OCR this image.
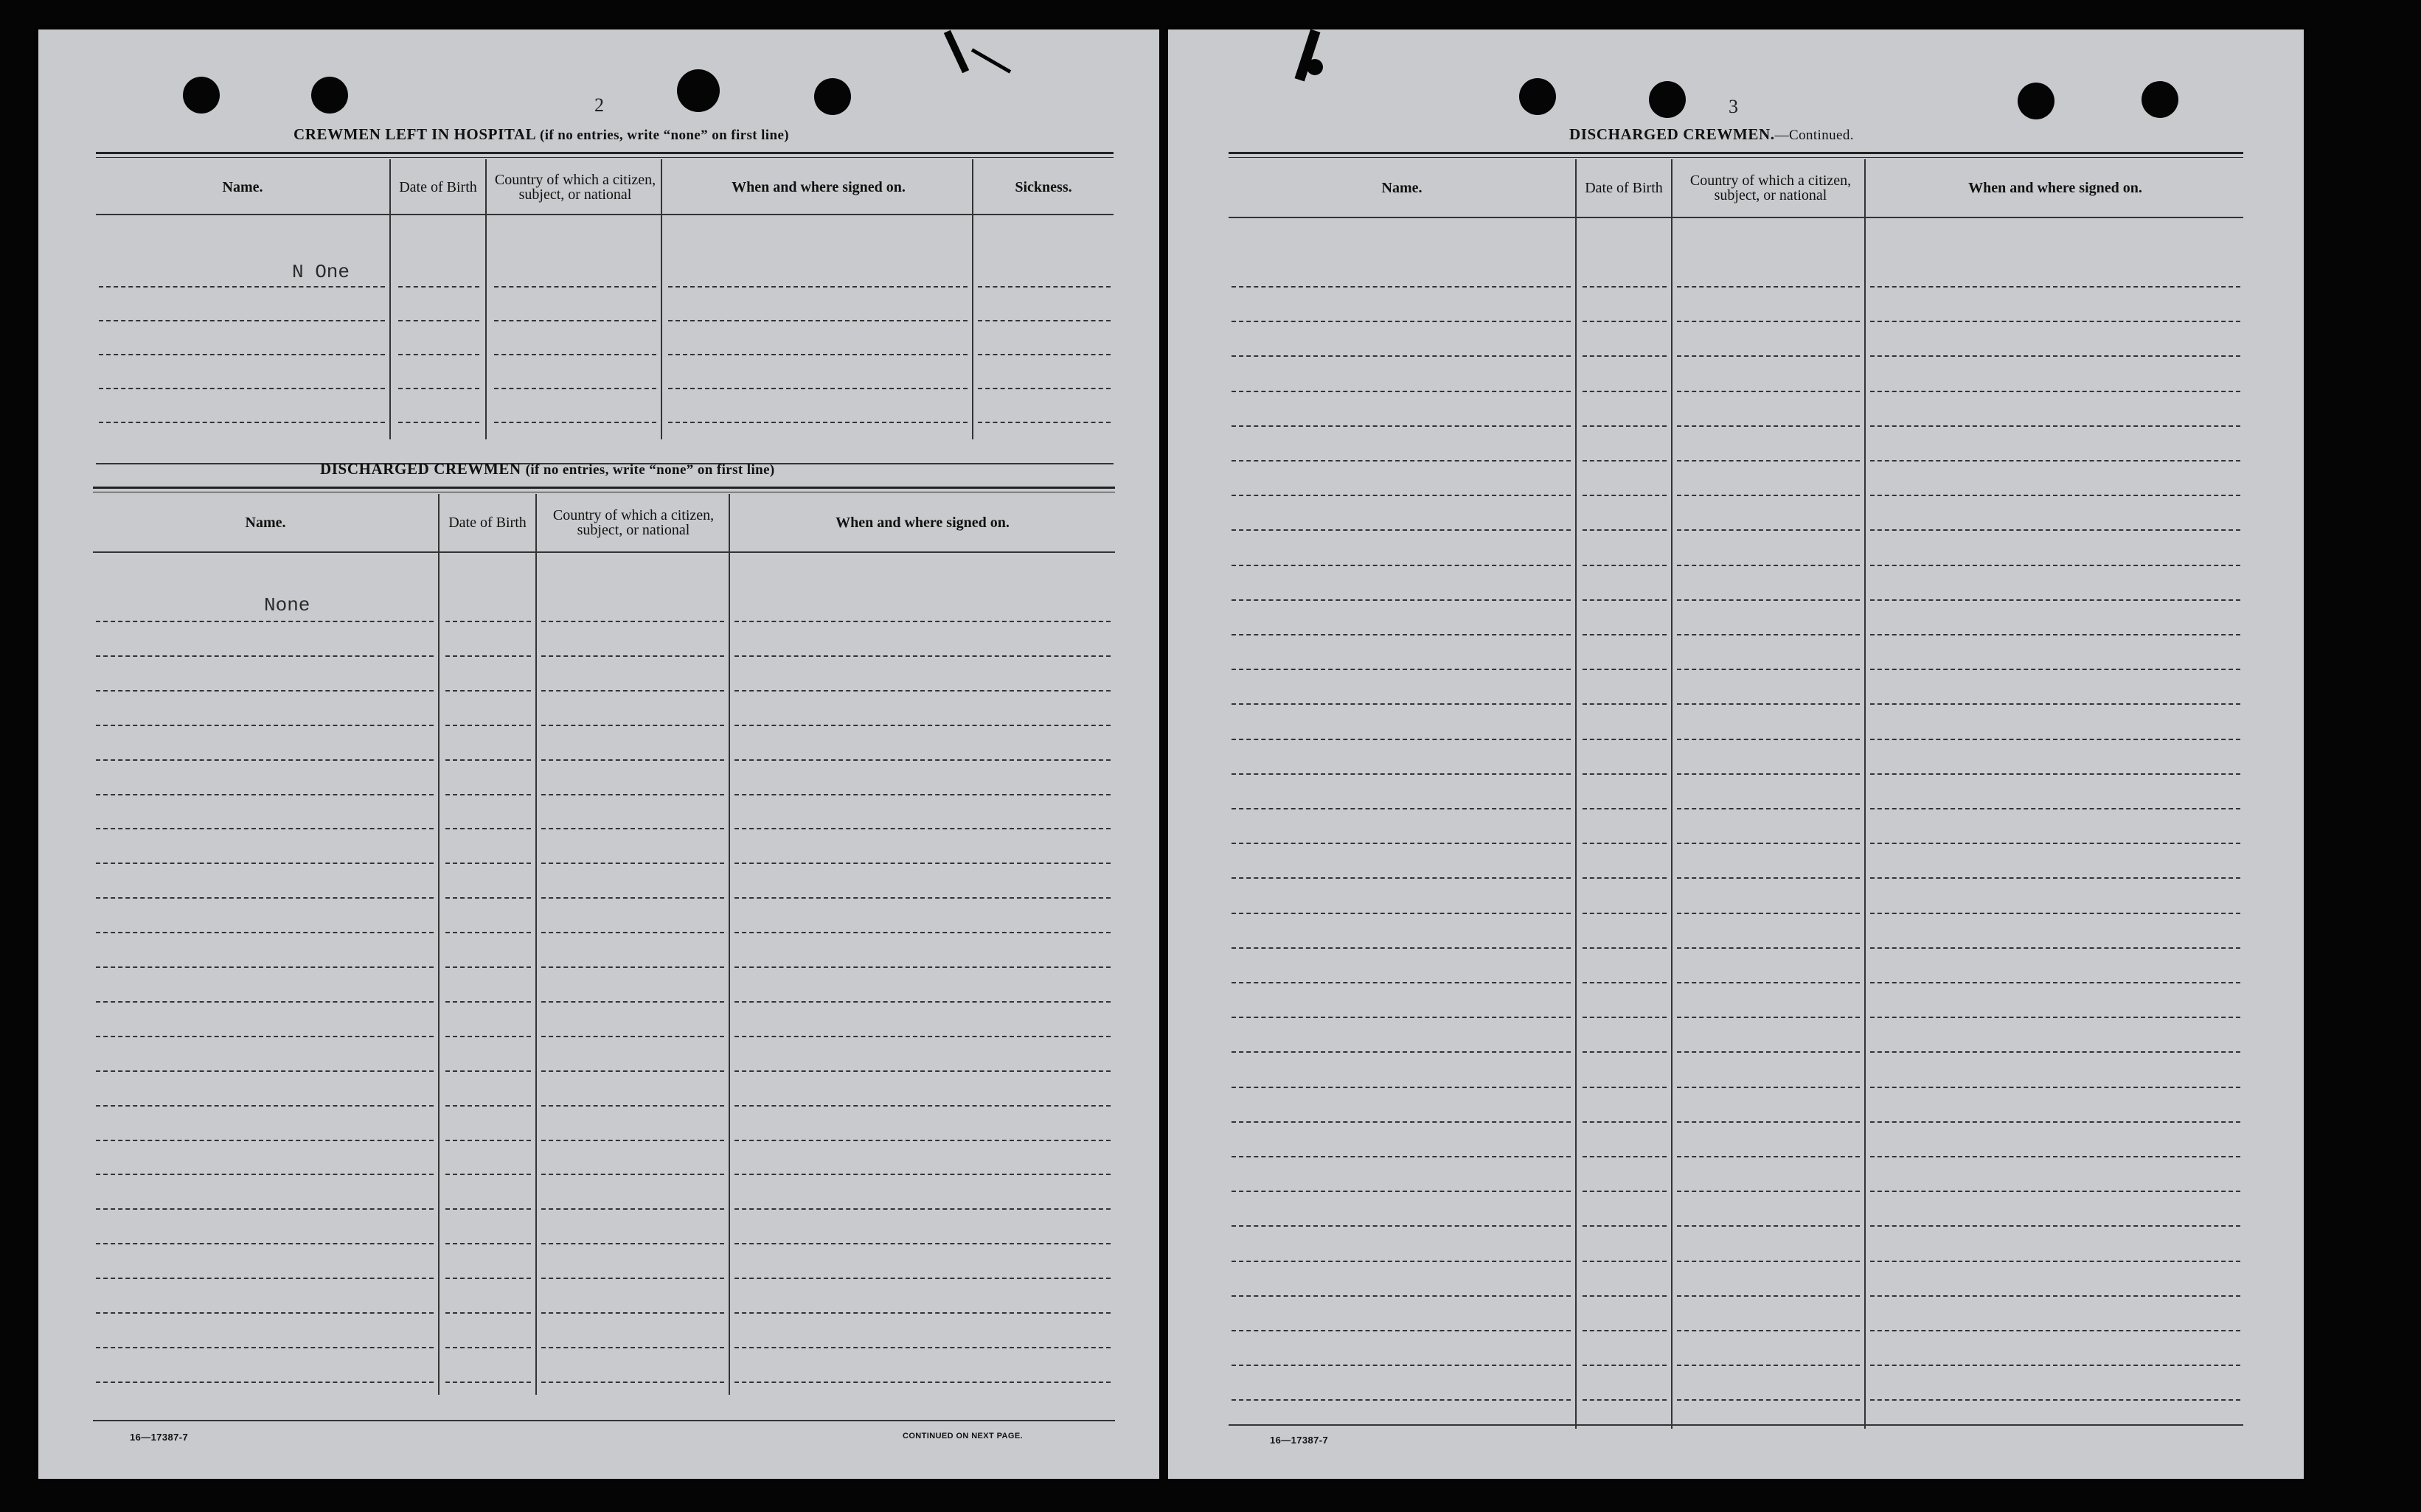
2
CREWMEN LEFT IN HOSPITAL (if no entries, write “none” on first line)
Name.	Date of Birth	Country of which a citizen, subject, or national	When and where signed on.	Sickness.
N One
DISCHARGED CREWMEN (if no entries, write “none” on first line)
Name.	Date of Birth	Country of which a citizen, subject, or national	When and where signed on.
None
16—17387-7	CONTINUED ON NEXT PAGE.
3
DISCHARGED CREWMEN.—Continued.
Name.	Date of Birth	Country of which a citizen, subject, or national	When and where signed on.
16—17387-7
